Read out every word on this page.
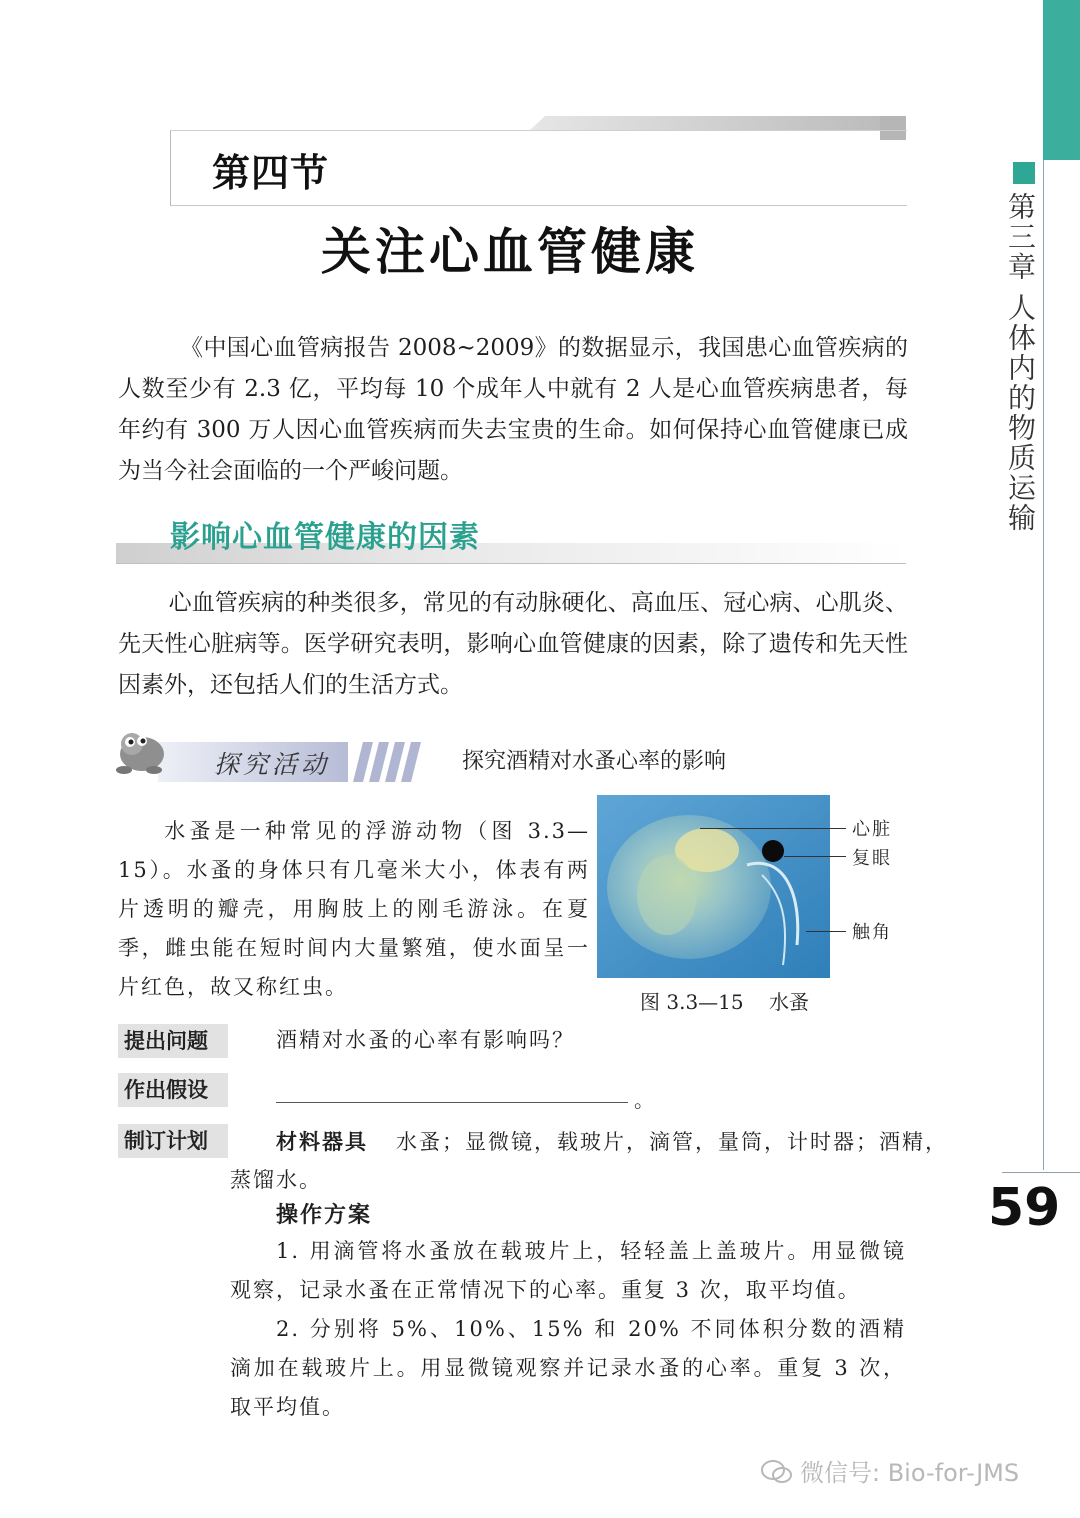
第三章 人体内的物质运输
59
第四节
关注心血管健康

《中国心血管病报告 2008~2009》的数据显示，我国患心血管疾病的人数至少有 2.3 亿，平均每 10 个成年人中就有 2 人是心血管疾病患者，每年约有 300 万人因心血管疾病而失去宝贵的生命。如何保持心血管健康已成为当今社会面临的一个严峻问题。

影响心血管健康的因素

心血管疾病的种类很多，常见的有动脉硬化、高血压、冠心病、心肌炎、先天性心脏病等。医学研究表明，影响心血管健康的因素，除了遗传和先天性因素外，还包括人们的生活方式。

探究活动	探究酒精对水蚤心率的影响

水蚤是一种常见的浮游动物（图 3.3—15）。水蚤的身体只有几毫米大小，体表有两片透明的瓣壳，用胸肢上的刚毛游泳。在夏季，雌虫能在短时间内大量繁殖，使水面呈一片红色，故又称红虫。

心脏
复眼
触角
图 3.3—15    水蚤
提出问题	酒精对水蚤的心率有影响吗？
作出假设	。
制订计划	材料器具 水蚤；显微镜，载玻片，滴管，量筒，计时器；酒精，
蒸馏水。
操作方案

1. 用滴管将水蚤放在载玻片上，轻轻盖上盖玻片。用显微镜观察，记录水蚤在正常情况下的心率。重复 3 次，取平均值。

2. 分别将 5%、10%、15% 和 20% 不同体积分数的酒精滴加在载玻片上。用显微镜观察并记录水蚤的心率。重复 3 次，取平均值。

微信号: Bio-for-JMS
